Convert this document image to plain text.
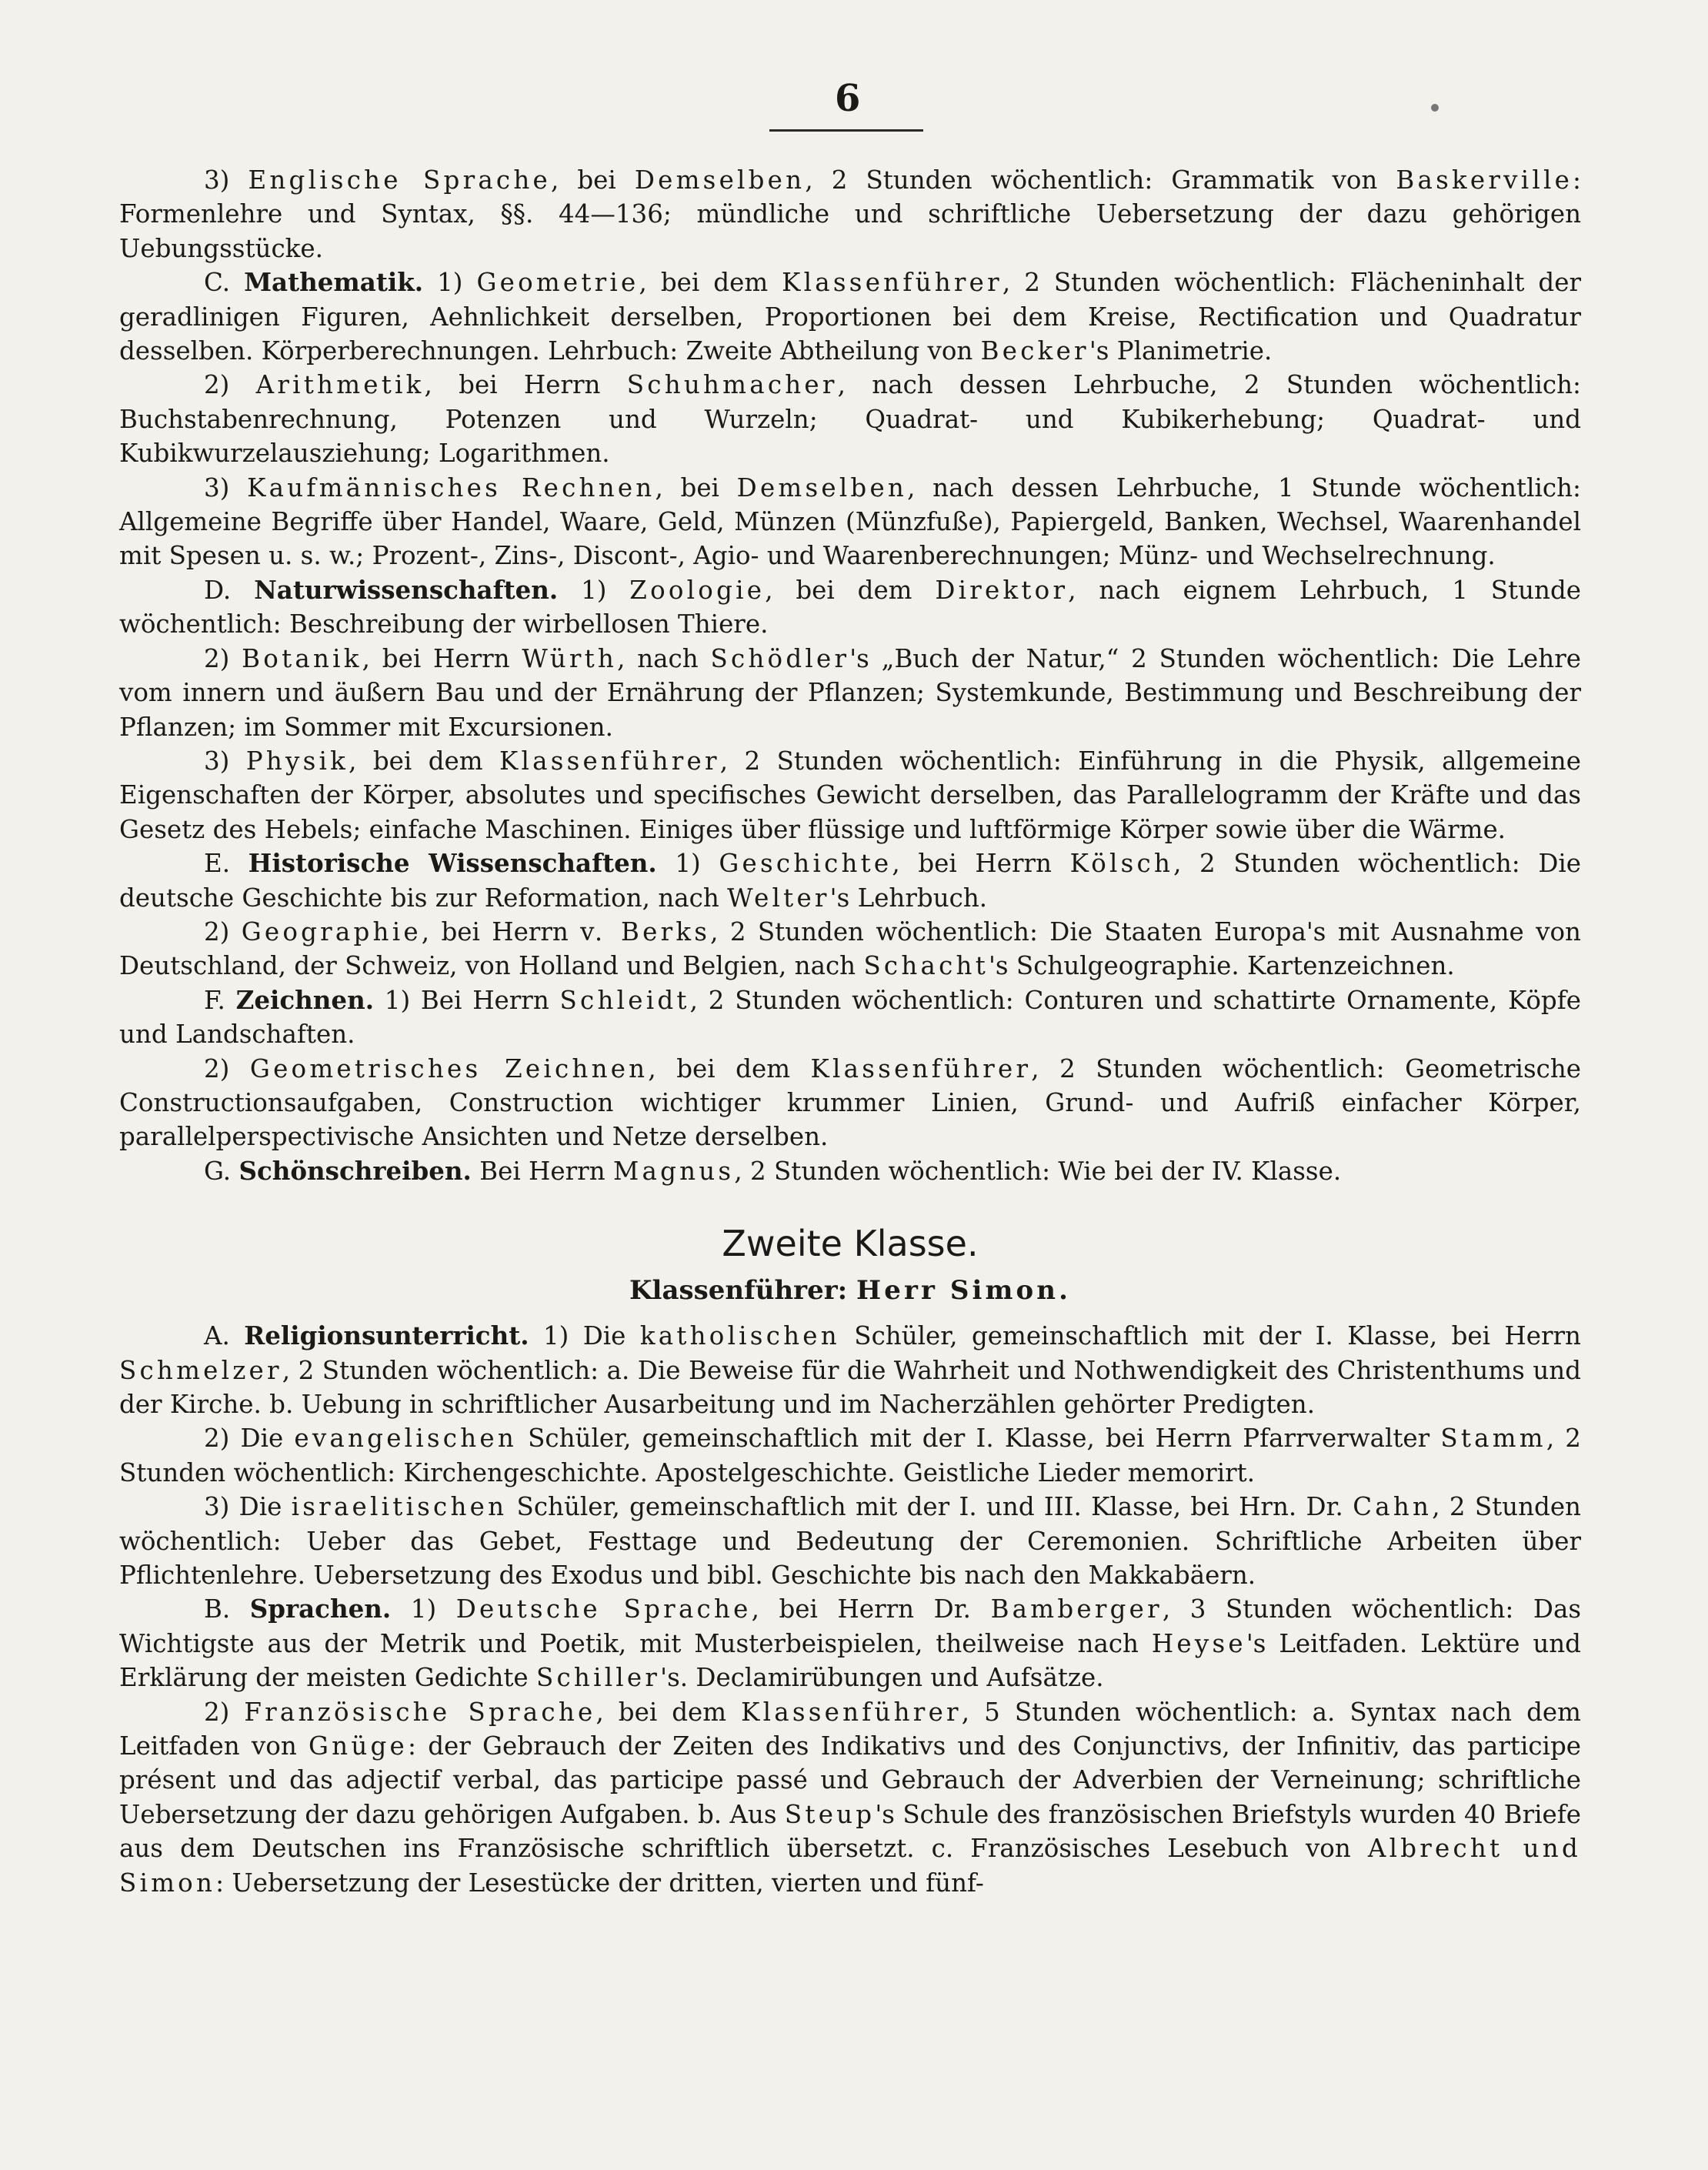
6

3) Englische Sprache, bei Demselben, 2 Stunden wöchentlich: Grammatik von Baskerville: Formenlehre und Syntax, §§. 44—136; mündliche und schriftliche Uebersetzung der dazu gehörigen Uebungsstücke.

C. Mathematik. 1) Geometrie, bei dem Klassenführer, 2 Stunden wöchentlich: Flächeninhalt der geradlinigen Figuren, Aehnlichkeit derselben, Proportionen bei dem Kreise, Rectification und Quadratur desselben. Körperberechnungen. Lehrbuch: Zweite Abtheilung von Becker's Planimetrie.

2) Arithmetik, bei Herrn Schuhmacher, nach dessen Lehrbuche, 2 Stunden wöchentlich: Buchstabenrechnung, Potenzen und Wurzeln; Quadrat- und Kubikerhebung; Quadrat- und Kubikwurzelausziehung; Logarithmen.

3) Kaufmännisches Rechnen, bei Demselben, nach dessen Lehrbuche, 1 Stunde wöchentlich: Allgemeine Begriffe über Handel, Waare, Geld, Münzen (Münzfuße), Papiergeld, Banken, Wechsel, Waarenhandel mit Spesen u. s. w.; Prozent-, Zins-, Discont-, Agio- und Waarenberechnungen; Münz- und Wechselrechnung.

D. Naturwissenschaften. 1) Zoologie, bei dem Direktor, nach eignem Lehrbuch, 1 Stunde wöchentlich: Beschreibung der wirbellosen Thiere.

2) Botanik, bei Herrn Würth, nach Schödler's „Buch der Natur,“ 2 Stunden wöchentlich: Die Lehre vom innern und äußern Bau und der Ernährung der Pflanzen; Systemkunde, Bestimmung und Beschreibung der Pflanzen; im Sommer mit Excursionen.

3) Physik, bei dem Klassenführer, 2 Stunden wöchentlich: Einführung in die Physik, allgemeine Eigenschaften der Körper, absolutes und specifisches Gewicht derselben, das Parallelogramm der Kräfte und das Gesetz des Hebels; einfache Maschinen. Einiges über flüssige und luftförmige Körper sowie über die Wärme.

E. Historische Wissenschaften. 1) Geschichte, bei Herrn Kölsch, 2 Stunden wöchentlich: Die deutsche Geschichte bis zur Reformation, nach Welter's Lehrbuch.

2) Geographie, bei Herrn v. Berks, 2 Stunden wöchentlich: Die Staaten Europa's mit Ausnahme von Deutschland, der Schweiz, von Holland und Belgien, nach Schacht's Schulgeographie. Kartenzeichnen.

F. Zeichnen. 1) Bei Herrn Schleidt, 2 Stunden wöchentlich: Conturen und schattirte Ornamente, Köpfe und Landschaften.

2) Geometrisches Zeichnen, bei dem Klassenführer, 2 Stunden wöchentlich: Geometrische Constructionsaufgaben, Construction wichtiger krummer Linien, Grund- und Aufriß einfacher Körper, parallelperspectivische Ansichten und Netze derselben.

G. Schönschreiben. Bei Herrn Magnus, 2 Stunden wöchentlich: Wie bei der IV. Klasse.

Zweite Klasse.
Klassenführer: Herr Simon.

A. Religionsunterricht. 1) Die katholischen Schüler, gemeinschaftlich mit der I. Klasse, bei Herrn Schmelzer, 2 Stunden wöchentlich: a. Die Beweise für die Wahrheit und Nothwendigkeit des Christenthums und der Kirche. b. Uebung in schriftlicher Ausarbeitung und im Nacherzählen gehörter Predigten.

2) Die evangelischen Schüler, gemeinschaftlich mit der I. Klasse, bei Herrn Pfarrverwalter Stamm, 2 Stunden wöchentlich: Kirchengeschichte. Apostelgeschichte. Geistliche Lieder memorirt.

3) Die israelitischen Schüler, gemeinschaftlich mit der I. und III. Klasse, bei Hrn. Dr. Cahn, 2 Stunden wöchentlich: Ueber das Gebet, Festtage und Bedeutung der Ceremonien. Schriftliche Arbeiten über Pflichtenlehre. Uebersetzung des Exodus und bibl. Geschichte bis nach den Makkabäern.

B. Sprachen. 1) Deutsche Sprache, bei Herrn Dr. Bamberger, 3 Stunden wöchentlich: Das Wichtigste aus der Metrik und Poetik, mit Musterbeispielen, theilweise nach Heyse's Leitfaden. Lektüre und Erklärung der meisten Gedichte Schiller's. Declamirübungen und Aufsätze.

2) Französische Sprache, bei dem Klassenführer, 5 Stunden wöchentlich: a. Syntax nach dem Leitfaden von Gnüge: der Gebrauch der Zeiten des Indikativs und des Conjunctivs, der Infinitiv, das participe présent und das adjectif verbal, das participe passé und Gebrauch der Adverbien der Verneinung; schriftliche Uebersetzung der dazu gehörigen Aufgaben. b. Aus Steup's Schule des französischen Briefstyls wurden 40 Briefe aus dem Deutschen ins Französische schriftlich übersetzt. c. Französisches Lesebuch von Albrecht und Simon: Uebersetzung der Lesestücke der dritten, vierten und fünf-
